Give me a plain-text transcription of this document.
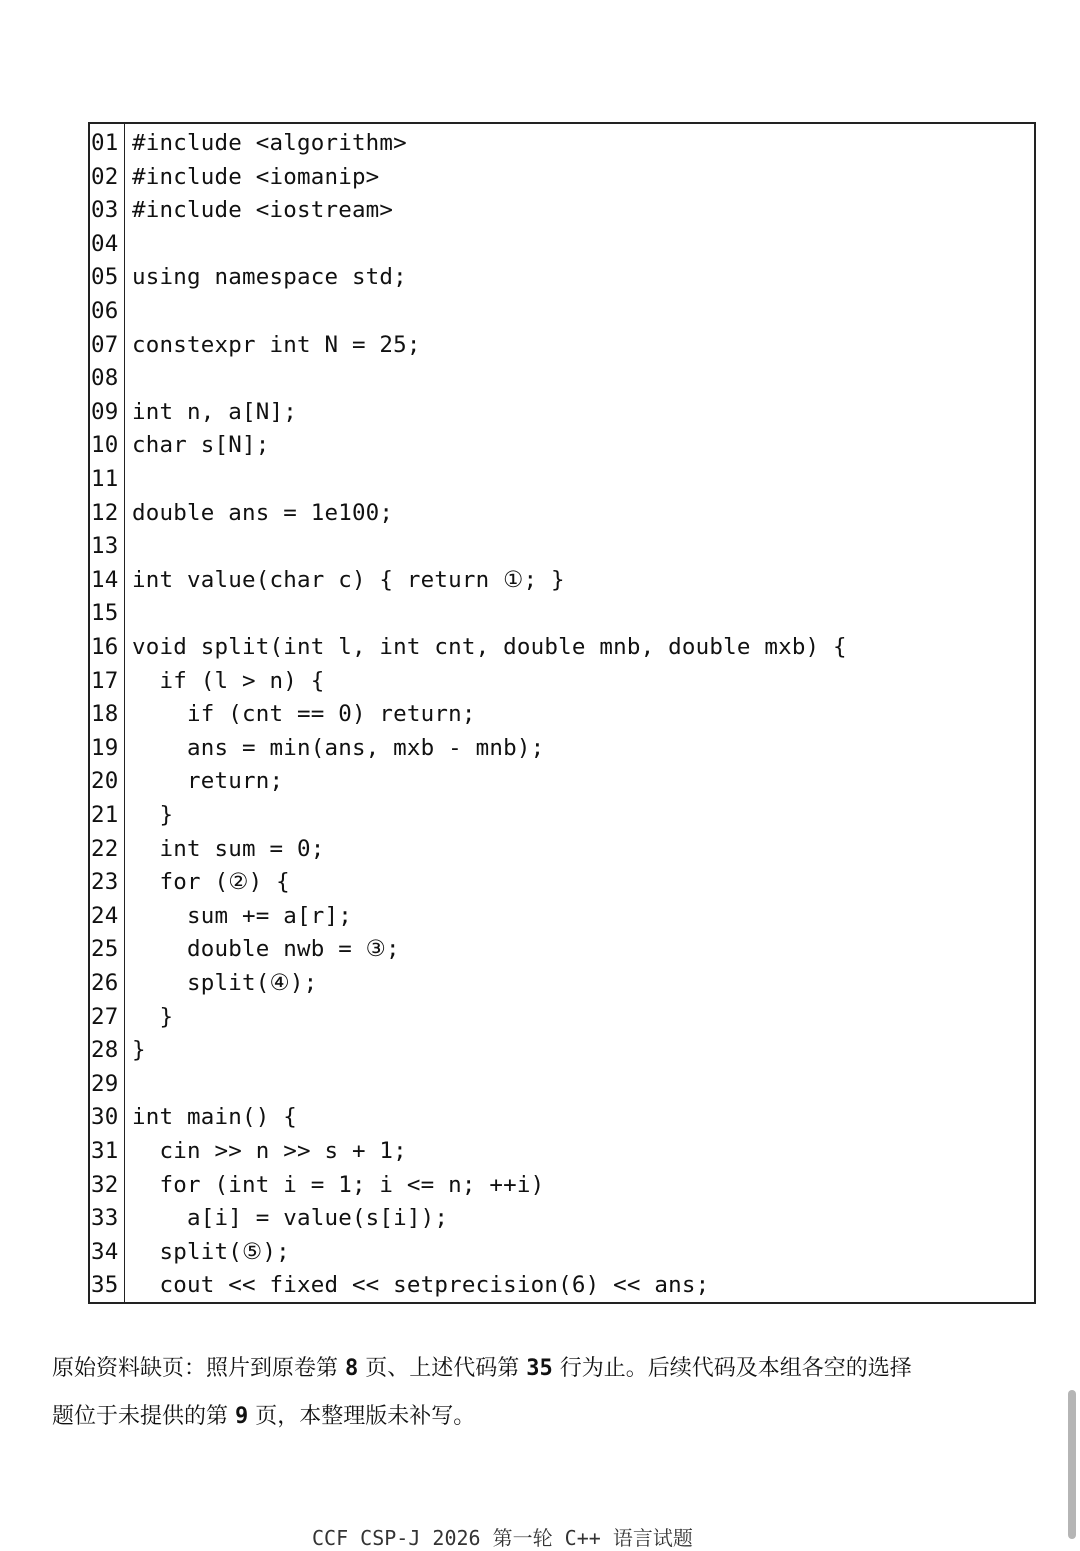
01 #include <algorithm>
02 #include <iomanip>
03 #include <iostream>
04
05 using namespace std;
06
07 constexpr int N = 25;
08
09 int n, a[N];
10 char s[N];
11
12 double ans = 1e100;
13
14 int value(char c) { return ①; }
15
16 void split(int l, int cnt, double mnb, double mxb) {
17 if (l > n) {
18 if (cnt == 0) return;
19 ans = min(ans, mxb - mnb);
20 return;
21 }
22 int sum = 0;
23 for (②) {
24 sum += a[r];
25 double nwb = ③;
26 split(④);
27 }
28 }
29
30 int main() {
31 cin >> n >> s + 1;
32 for (int i = 1; i <= n; ++i)
33 a[i] = value(s[i]);
34 split(⑤);
35 cout << fixed << setprecision(6) << ans;
原始资料缺页：照片到原卷第 8 页、上述代码第 35 行为止。后续代码及本组各空的选择
题位于未提供的第 9 页，本整理版未补写。
CCF CSP-J 2026 第一轮 C++ 语言试题
